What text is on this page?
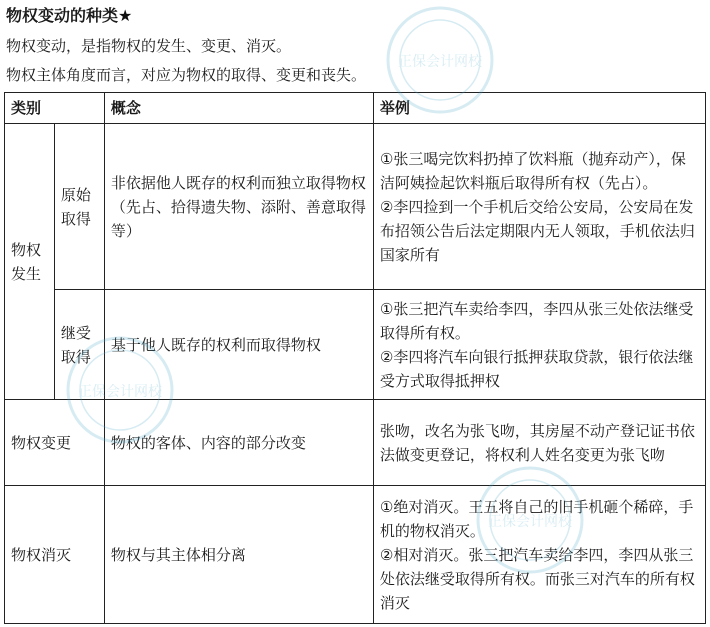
物权变动的种类★
物权变动，是指物权的发生、变更、消灭。
物权主体角度而言，对应为物权的取得、变更和丧失。
类别		概念	举例
物权发生	原始取得	非依据他人既存的权利而独立取得物权（先占、拾得遗失物、添附、善意取得等）	①张三喝完饮料扔掉了饮料瓶（抛弃动产），保洁阿姨捡起饮料瓶后取得所有权（先占）。
②李四捡到一个手机后交给公安局，公安局在发布招领公告后法定期限内无人领取，手机依法归国家所有

	继受取得	基于他人既存的权利而取得物权	①张三把汽车卖给李四，李四从张三处依法继受取得所有权。
②李四将汽车向银行抵押获取贷款，银行依法继受方式取得抵押权

物权变更		物权的客体、内容的部分改变	张吻，改名为张飞吻，其房屋不动产登记证书依法做变更登记，将权利人姓名变更为张飞吻

物权消灭		物权与其主体相分离	①绝对消灭。王五将自己的旧手机砸个稀碎，手机的物权消灭。
②相对消灭。张三把汽车卖给李四，李四从张三处依法继受取得所有权。而张三对汽车的所有权消灭
正保会计网校
正保会计网校
正保会计网校
